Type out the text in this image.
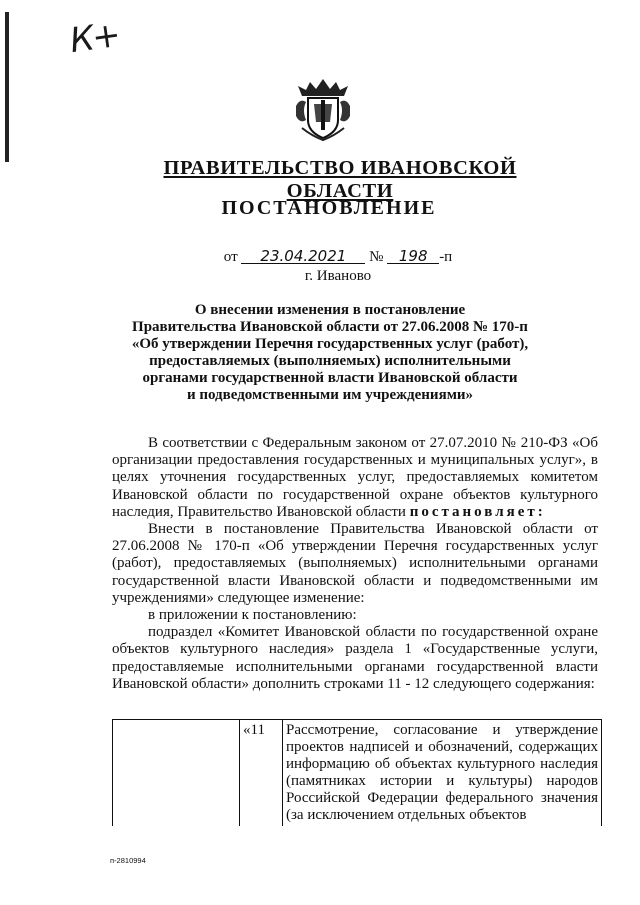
К+
ПРАВИТЕЛЬСТВО ИВАНОВСКОЙ ОБЛАСТИ
ПОСТАНОВЛЕНИЕ
от 23.04.2021 № 198 -п
г. Иваново
О внесении изменения в постановление
Правительства Ивановской области от 27.06.2008 № 170-п
«Об утверждении Перечня государственных услуг (работ),
предоставляемых (выполняемых) исполнительными
органами государственной власти Ивановской области
и подведомственными им учреждениями»

В соответствии с Федеральным законом от 27.07.2010 № 210-ФЗ «Об организации предоставления государственных и муниципальных услуг», в целях уточнения государственных услуг, предоставляемых комитетом Ивановской области по государственной охране объектов культурного наследия, Правительство Ивановской области постановляет:

Внести в постановление Правительства Ивановской области от 27.06.2008 № 170-п «Об утверждении Перечня государственных услуг (работ), предоставляемых (выполняемых) исполнительными органами государственной власти Ивановской области и подведомственными им учреждениями» следующее изменение:

в приложении к постановлению:

подраздел «Комитет Ивановской области по государственной охране объектов культурного наследия» раздела 1 «Государственные услуги, предоставляемые исполнительными органами государственной власти Ивановской области» дополнить строками 11 - 12 следующего содержания:

	«11	Рассмотрение, согласование и утверждение проектов надписей и обозначений, содержащих информацию об объектах культурного наследия (памятниках истории и культуры) народов Российской Федерации федерального значения (за исключением отдельных объектов
п-2810994
